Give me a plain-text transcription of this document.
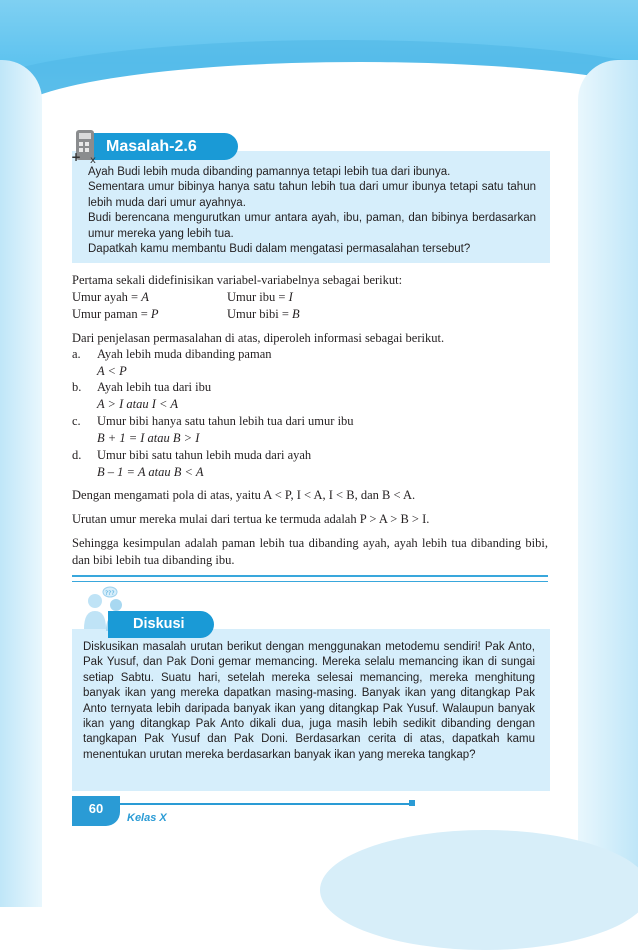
Masalah-2.6
+ x
Ayah Budi lebih muda dibanding pamannya tetapi lebih tua dari ibunya.
Sementara umur bibinya hanya satu tahun lebih tua dari umur ibunya tetapi satu tahun lebih muda dari umur ayahnya.
Budi berencana mengurutkan umur antara ayah, ibu, paman, dan bibinya berdasarkan umur mereka yang lebih tua.
Dapatkah kamu membantu Budi dalam mengatasi permasalahan tersebut?
Pertama sekali didefinisikan variabel-variabelnya sebagai berikut:
Umur ayah = A	Umur ibu = I
Umur paman = P	Umur bibi = B
Dari penjelasan permasalahan di atas, diperoleh informasi sebagai berikut.
a. Ayah lebih muda dibanding paman
A < P
b. Ayah lebih tua dari ibu
A > I atau I < A
c. Umur bibi hanya satu tahun lebih tua dari umur ibu
B + 1 = I atau B > I
d. Umur bibi satu tahun lebih muda dari ayah
B – 1 = A atau B < A
Dengan mengamati pola di atas, yaitu A < P, I < A, I < B, dan B < A.
Urutan umur mereka mulai dari tertua ke termuda adalah P > A > B > I.
Sehingga kesimpulan adalah paman lebih tua dibanding ayah, ayah lebih tua dibanding bibi, dan bibi lebih tua dibanding ibu.
???
Diskusi
Diskusikan masalah urutan berikut dengan menggunakan metodemu sendiri! Pak Anto, Pak Yusuf, dan Pak Doni gemar memancing. Mereka selalu memancing ikan di sungai setiap Sabtu. Suatu hari, setelah mereka selesai memancing, mereka menghitung banyak ikan yang mereka dapatkan masing-masing. Banyak ikan yang ditangkap Pak Anto ternyata lebih daripada banyak ikan yang ditangkap Pak Yusuf. Walaupun banyak ikan yang ditangkap Pak Anto dikali dua, juga masih lebih sedikit dibanding dengan tangkapan Pak Yusuf dan Pak Doni. Berdasarkan cerita di atas, dapatkah kamu menentukan urutan mereka berdasarkan banyak ikan yang mereka tangkap?
60
Kelas X
